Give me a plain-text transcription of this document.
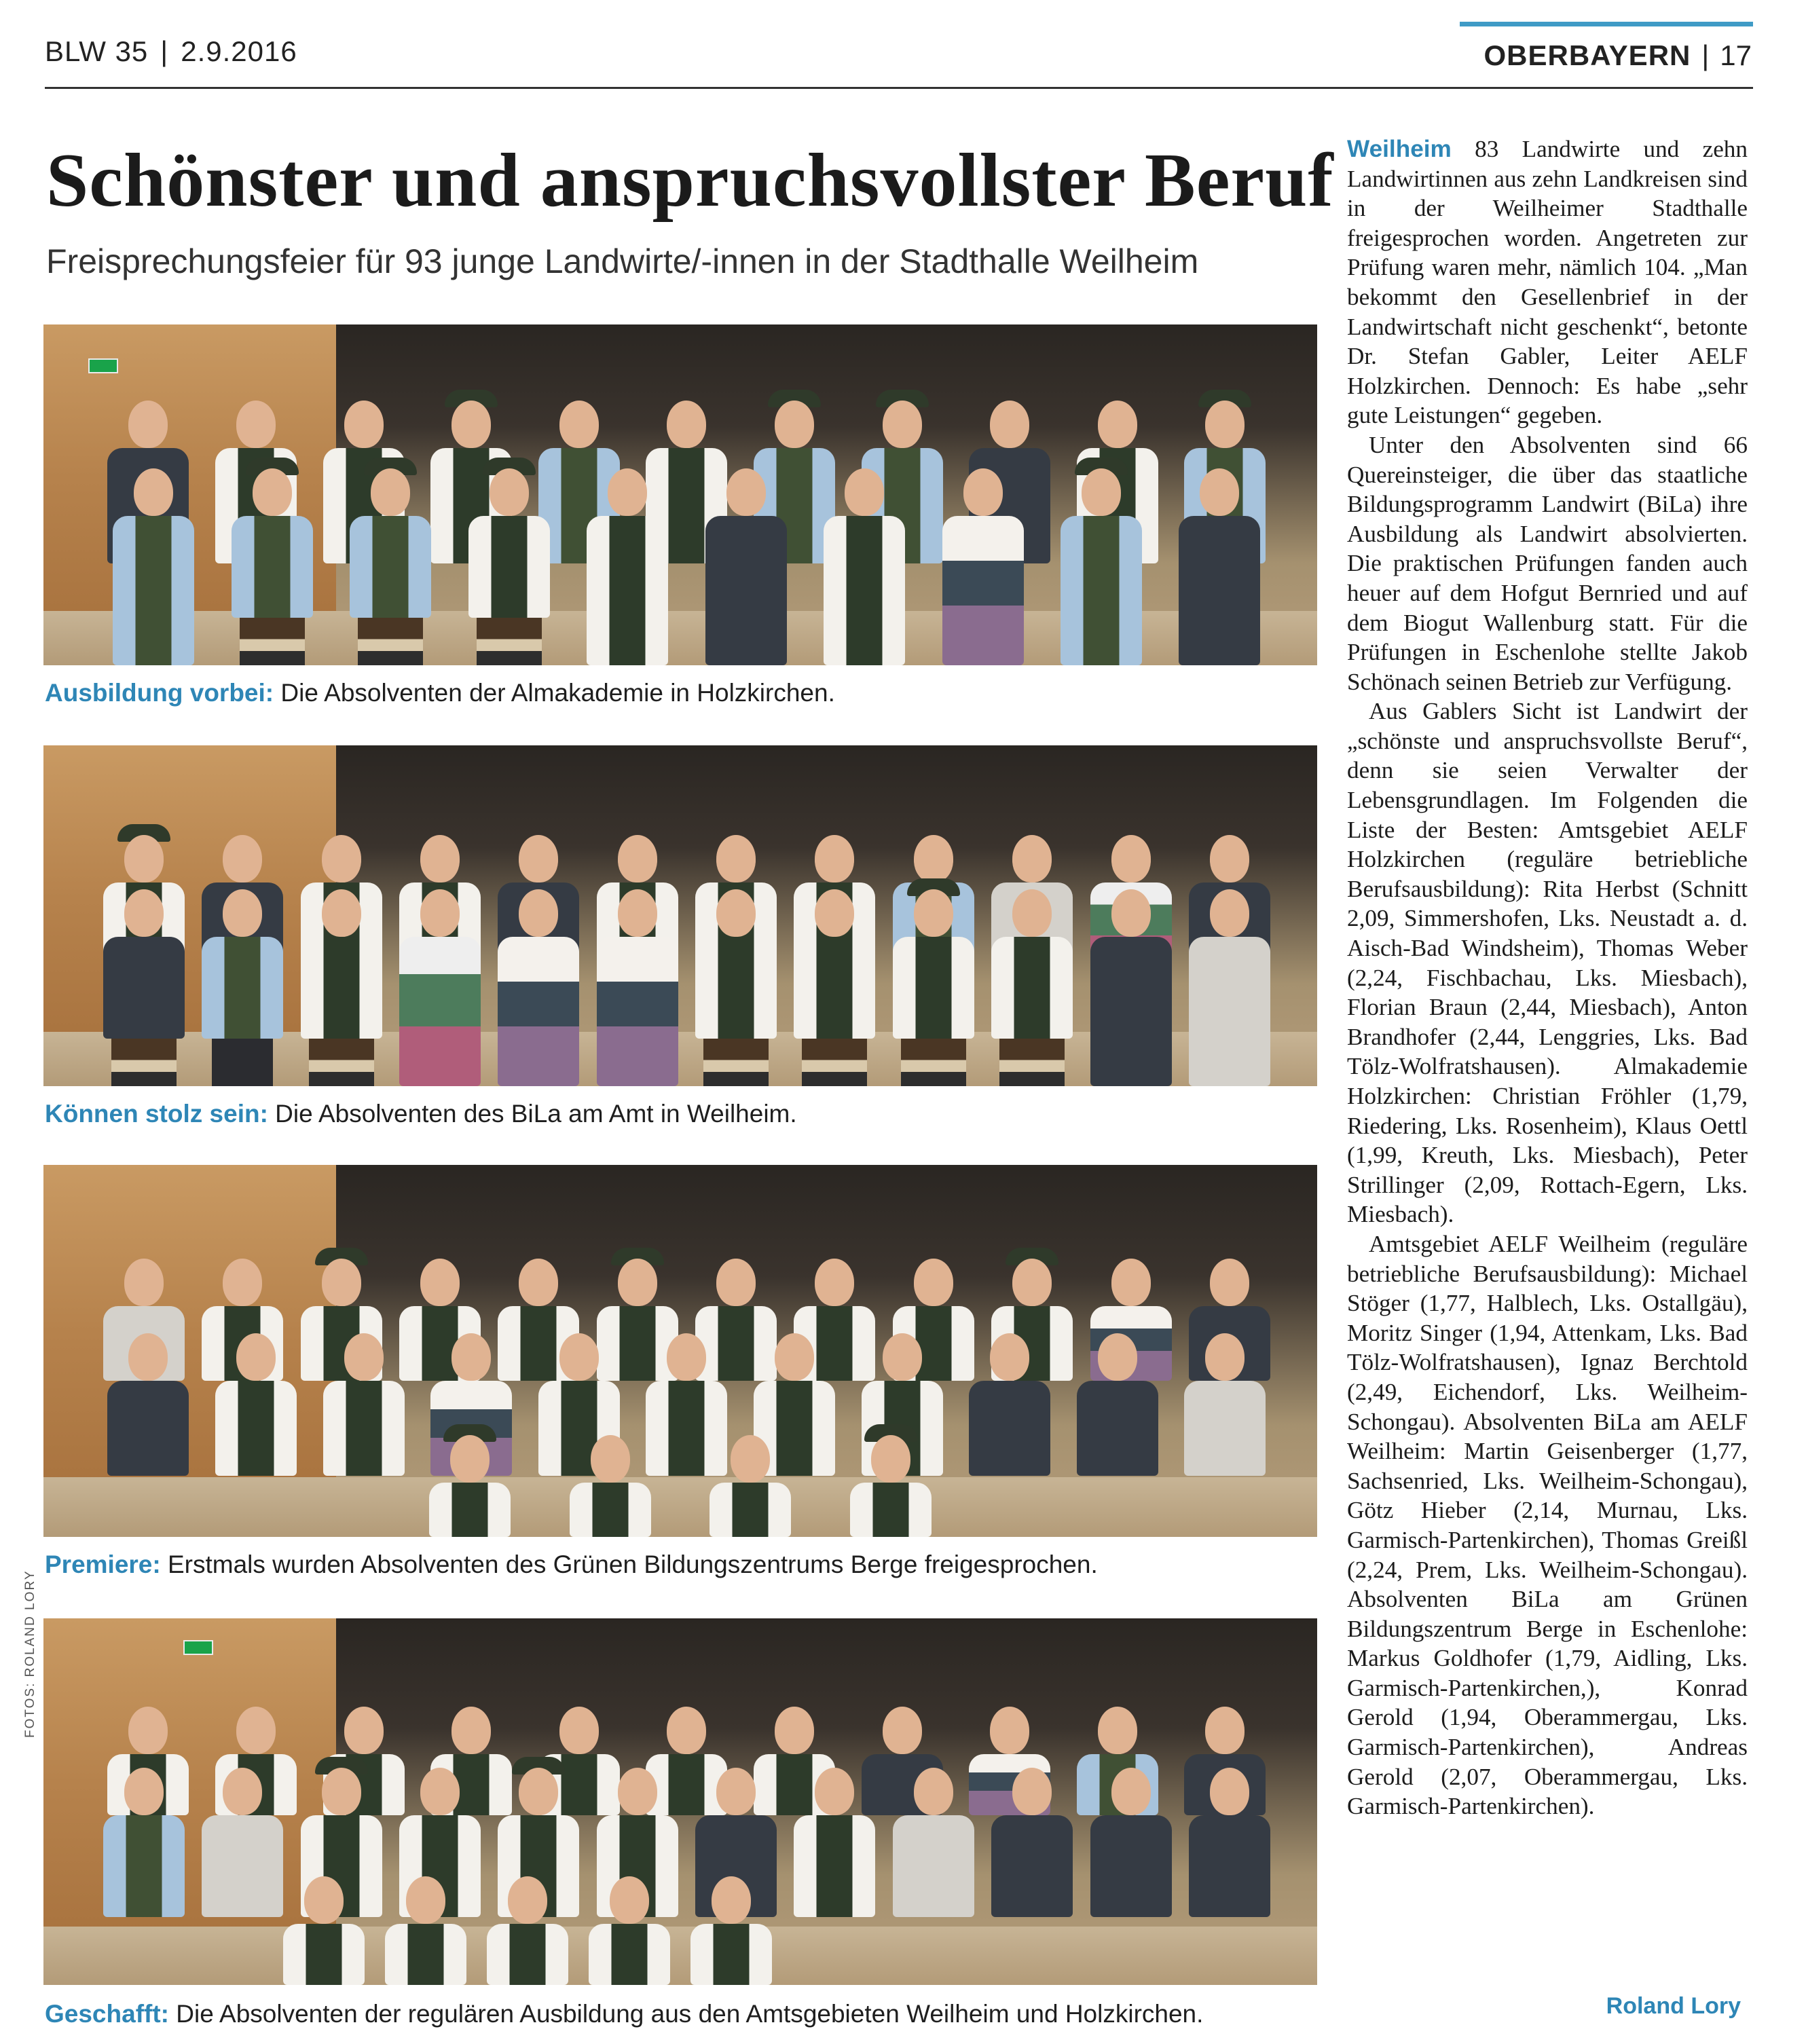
BLW 35 | 2.9.2016	OBERBAYERN | 17
Schönster und anspruchsvollster Beruf
Freisprechungsfeier für 93 junge Landwirte/-innen in der Stadthalle Weilheim
Ausbildung vorbei: Die Absolventen der Almakademie in Holzkirchen.
Können stolz sein: Die Absolventen des BiLa am Amt in Weilheim.
Premiere: Erstmals wurden Absolventen des Grünen Bildungszentrums Berge freigesprochen.
Geschafft: Die Absolventen der regulären Ausbildung aus den Amtsgebieten Weilheim und Holzkirchen.
FOTOS: ROLAND LORY

Weilheim 83 Landwirte und zehn Landwirtinnen aus zehn Landkreisen sind in der Weilheimer Stadthalle freigesprochen worden. Angetreten zur Prüfung waren mehr, nämlich 104. „Man bekommt den Gesellenbrief in der Landwirtschaft nicht geschenkt“, betonte Dr. Stefan Gabler, Leiter AELF Holzkirchen. Dennoch: Es habe „sehr gute Leistungen“ gegeben.

Unter den Absolventen sind 66 Quereinsteiger, die über das staatliche Bildungsprogramm Landwirt (BiLa) ihre Ausbildung als Landwirt absolvierten. Die praktischen Prüfungen fanden auch heuer auf dem Hofgut Bernried und auf dem Biogut Wallenburg statt. Für die Prüfungen in Eschenlohe stellte Jakob Schönach seinen Betrieb zur Verfügung.

Aus Gablers Sicht ist Landwirt der „schönste und anspruchsvollste Beruf“, denn sie seien Verwalter der Lebensgrundlagen. Im Folgenden die Liste der Besten: Amtsgebiet AELF Holzkirchen (reguläre betriebliche Berufsausbildung): Rita Herbst (Schnitt 2,09, Simmershofen, Lks. Neustadt a. d. Aisch-Bad Windsheim), Thomas Weber (2,24, Fischbachau, Lks. Miesbach), Florian Braun (2,44, Miesbach), Anton Brandhofer (2,44, Lenggries, Lks. Bad Tölz-Wolfratshausen). Almakademie Holzkirchen: Christian Fröhler (1,79, Riedering, Lks. Rosenheim), Klaus Oettl (1,99, Kreuth, Lks. Miesbach), Peter Strillinger (2,09, Rottach-Egern, Lks. Miesbach).

Amtsgebiet AELF Weilheim (reguläre betriebliche Berufsausbildung): Michael Stöger (1,77, Halblech, Lks. Ostallgäu), Moritz Singer (1,94, Attenkam, Lks. Bad Tölz-Wolfratshausen), Ignaz Berchtold (2,49, Eichendorf, Lks. Weilheim-Schongau). Absolventen BiLa am AELF Weilheim: Martin Geisenberger (1,77, Sachsenried, Lks. Weilheim-Schongau), Götz Hieber (2,14, Murnau, Lks. Garmisch-Partenkirchen), Thomas Greißl (2,24, Prem, Lks. Weilheim-Schongau). Absolventen BiLa am Grünen Bildungszentrum Berge in Eschenlohe: Markus Goldhofer (1,79, Aidling, Lks. Garmisch-Partenkirchen,), Konrad Gerold (1,94, Oberammergau, Lks. Garmisch-Partenkirchen), Andreas Gerold (2,07, Oberammergau, Lks. Garmisch-Partenkirchen).

Roland Lory
